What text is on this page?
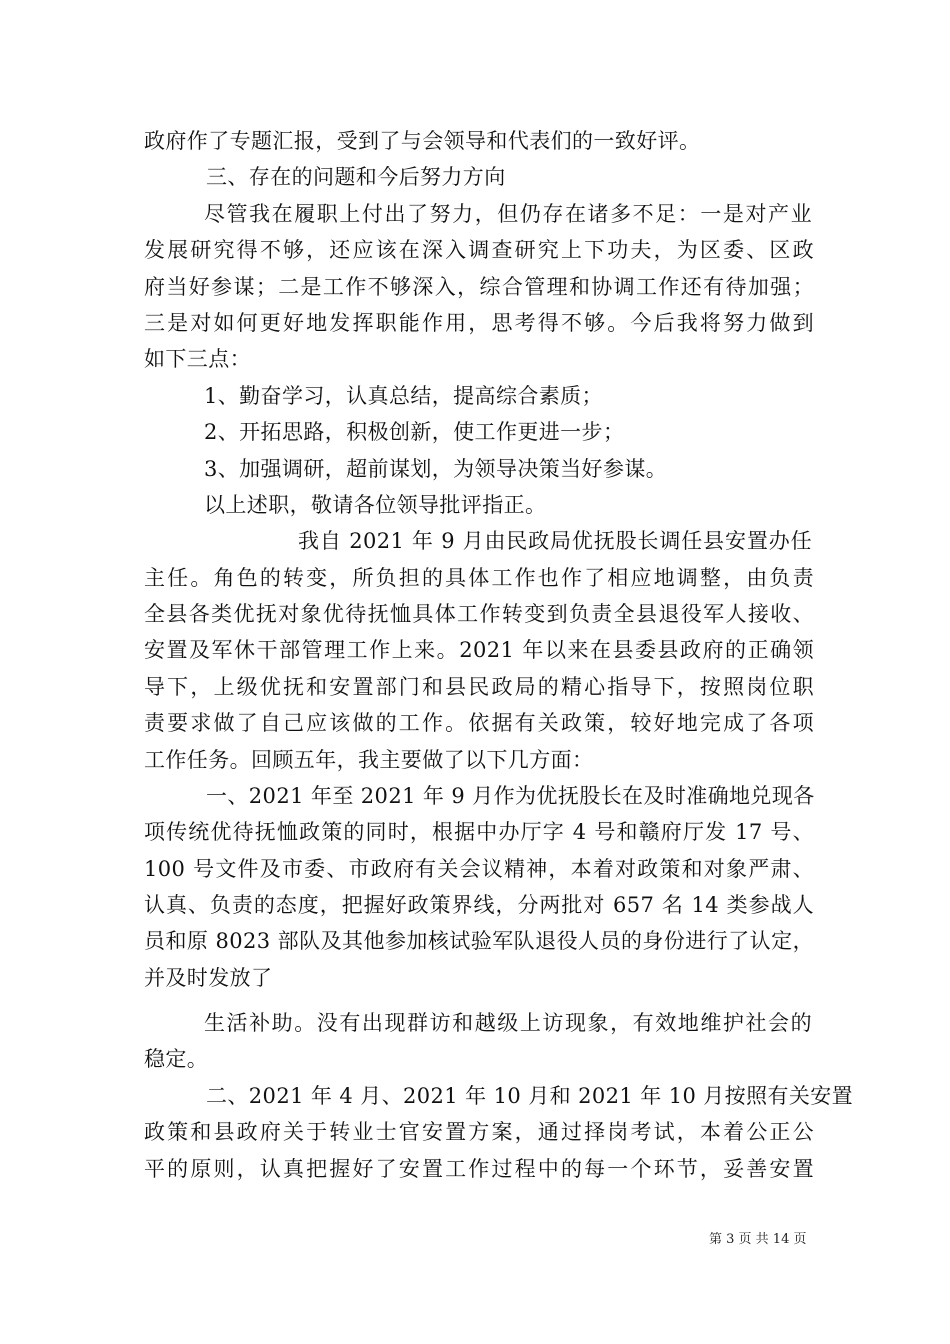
政府作了专题汇报，受到了与会领导和代表们的一致好评。
三、存在的问题和今后努力方向
尽管我在履职上付出了努力，但仍存在诸多不足：一是对产业
发展研究得不够，还应该在深入调查研究上下功夫，为区委、区政
府当好参谋；二是工作不够深入，综合管理和协调工作还有待加强；
三是对如何更好地发挥职能作用，思考得不够。今后我将努力做到
如下三点：
1、勤奋学习，认真总结，提高综合素质；
2、开拓思路，积极创新，使工作更进一步；
3、加强调研，超前谋划，为领导决策当好参谋。
以上述职，敬请各位领导批评指正。
我自 2021 年 9 月由民政局优抚股长调任县安置办任
主任。角色的转变，所负担的具体工作也作了相应地调整，由负责
全县各类优抚对象优待抚恤具体工作转变到负责全县退役军人接收、
安置及军休干部管理工作上来。2021 年以来在县委县政府的正确领
导下，上级优抚和安置部门和县民政局的精心指导下，按照岗位职
责要求做了自己应该做的工作。依据有关政策，较好地完成了各项
工作任务。回顾五年，我主要做了以下几方面：
一、2021 年至 2021 年 9 月作为优抚股长在及时准确地兑现各
项传统优待抚恤政策的同时，根据中办厅字 4 号和赣府厅发 17 号、
100 号文件及市委、市政府有关会议精神，本着对政策和对象严肃、
认真、负责的态度，把握好政策界线，分两批对 657 名 14 类参战人
员和原 8023 部队及其他参加核试验军队退役人员的身份进行了认定，
并及时发放了
生活补助。没有出现群访和越级上访现象，有效地维护社会的
稳定。
二、2021 年 4 月、2021 年 10 月和 2021 年 10 月按照有关安置
政策和县政府关于转业士官安置方案，通过择岗考试，本着公正公
平的原则，认真把握好了安置工作过程中的每一个环节，妥善安置
第 3 页 共 14 页
